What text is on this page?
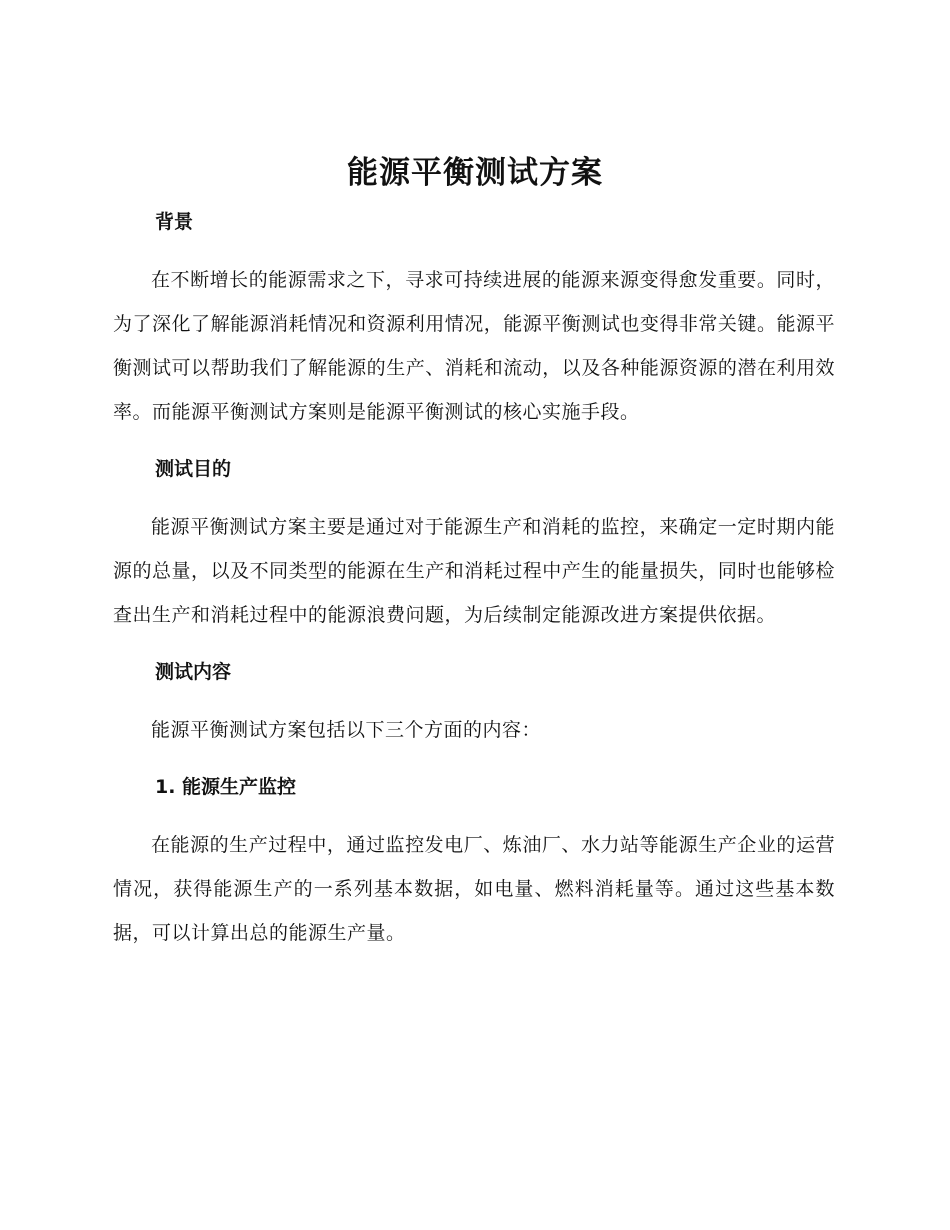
能源平衡测试方案
背景

在不断增长的能源需求之下，寻求可持续进展的能源来源变得愈发重要。同时，为了深化了解能源消耗情况和资源利用情况，能源平衡测试也变得非常关键。能源平衡测试可以帮助我们了解能源的生产、消耗和流动，以及各种能源资源的潜在利用效率。而能源平衡测试方案则是能源平衡测试的核心实施手段。

测试目的

能源平衡测试方案主要是通过对于能源生产和消耗的监控，来确定一定时期内能源的总量，以及不同类型的能源在生产和消耗过程中产生的能量损失，同时也能够检查出生产和消耗过程中的能源浪费问题，为后续制定能源改进方案提供依据。

测试内容

能源平衡测试方案包括以下三个方面的内容：

1. 能源生产监控

在能源的生产过程中，通过监控发电厂、炼油厂、水力站等能源生产企业的运营情况，获得能源生产的一系列基本数据，如电量、燃料消耗量等。通过这些基本数据，可以计算出总的能源生产量。
